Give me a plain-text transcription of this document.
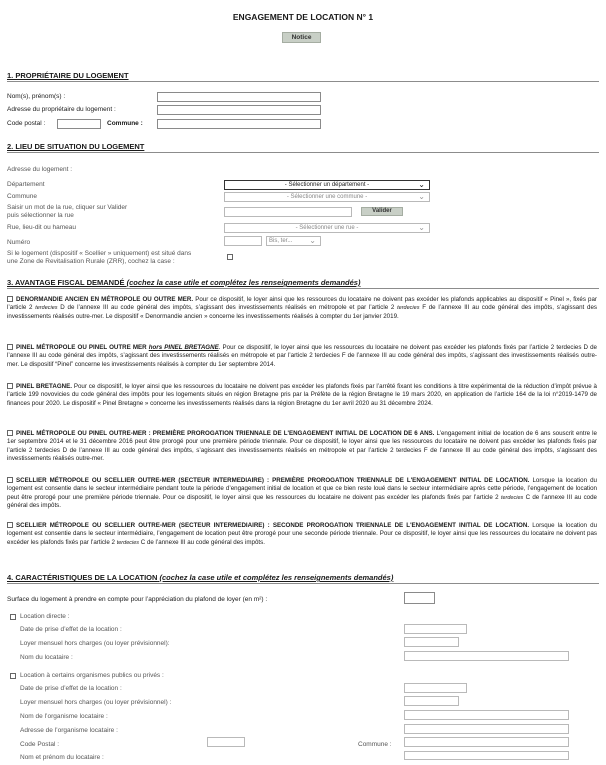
ENGAGEMENT DE LOCATION N° 1
Notice
1. PROPRIÉTAIRE DU LOGEMENT
Nom(s), prénom(s) :
Adresse du propriétaire du logement :
Code postal :	Commune :
2. LIEU DE SITUATION DU LOGEMENT
Adresse du logement :
Département	- Sélectionner un département -	⌄
Commune	- Sélectionner une commune -	⌄
Saisir un mot de la rue, cliquer sur Valider
puis sélectionner la rue
Valider
Rue, lieu-dit ou hameau	- Sélectionner une rue -	⌄
Numéro	Bis, ter... ⌄
Si le logement (dispositif « Scellier » uniquement) est situé dans
une Zone de Revitalisation Rurale (ZRR), cochez la case :
3. AVANTAGE FISCAL DEMANDÉ (cochez la case utile et complétez les renseignements demandés)
DENORMANDIE ANCIEN EN MÉTROPOLE OU OUTRE MER. Pour ce dispositif, le loyer ainsi que les ressources du locataire ne doivent pas excéder les plafonds applicables au dispositif « Pinel », fixés par l’article 2 terdecies D de l’annexe III au code général des impôts, s’agissant des investissements réalisés en métropole et par l’article 2 terdecies F de l’annexe III au code général des impôts, s’agissant des investissements réalisés outre-mer. Le dispositif « Denormandie ancien » concerne les investissements réalisés à compter du 1er janvier 2019.
PINEL MÉTROPOLE OU PINEL OUTRE MER hors PINEL BRETAGNE. Pour ce dispositif, le loyer ainsi que les ressources du locataire ne doivent pas excéder les plafonds fixés par l’article 2 terdecies D de l’annexe III au code général des impôts, s’agissant des investissements réalisés en métropole et par l’article 2 terdecies F de l’annexe III au code général des impôts, s’agissant des investissements réalisés outre-mer. Le dispositif “Pinel” concerne les investissements réalisés à compter du 1er septembre 2014.
PINEL BRETAGNE. Pour ce dispositif, le loyer ainsi que les ressources du locataire ne doivent pas excéder les plafonds fixés par l’arrêté fixant les conditions à titre expérimental de la réduction d’impôt prévue à l’article 199 novovicies du code général des impôts pour les logements situés en région Bretagne pris par la Préfète de la région Bretagne le 19 mars 2020, en application de l’article 164 de la loi n°2019-1479 de finances pour 2020. Le dispositif « Pinel Bretagne » concerne les investissements réalisés dans la région Bretagne du 1er avril 2020 au 31 décembre 2024.
PINEL MÉTROPOLE OU PINEL OUTRE-MER : PREMIÈRE PROROGATION TRIENNALE DE L'ENGAGEMENT INITIAL DE LOCATION DE 6 ANS. L’engagement initial de location de 6 ans souscrit entre le 1er septembre 2014 et le 31 décembre 2016 peut être prorogé pour une première période triennale. Pour ce dispositif, le loyer ainsi que les ressources du locataire ne doivent pas excéder les plafonds fixés par l’article 2 terdecies D de l’annexe III au code général des impôts, s’agissant des investissements réalisés en métropole et par l’article 2 terdecies F de l’annexe III au code général des impôts, s’agissant des investissements réalisés outre-mer.
SCELLIER MÉTROPOLE OU SCELLIER OUTRE-MER (SECTEUR INTERMEDIAIRE) : PREMIÈRE PROROGATION TRIENNALE DE L'ENGAGEMENT INITIAL DE LOCATION. Lorsque la location du logement est consentie dans le secteur intermédiaire pendant toute la période d’engagement initial de location et que ce bien reste loué dans le secteur intermédiaire après cette période, l’engagement de location peut être prorogé pour une première période triennale. Pour ce dispositif, le loyer ainsi que les ressources du locataire ne doivent pas excéder les plafonds fixés par l’article 2 terdecies C de l’annexe III au code général des impôts.
SCELLIER MÉTROPOLE OU SCELLIER OUTRE-MER (SECTEUR INTERMEDIAIRE) : SECONDE PROROGATION TRIENNALE DE L'ENGAGEMENT INITIAL DE LOCATION. Lorsque la location du logement est consentie dans le secteur intermédiaire, l’engagement de location peut être prorogé pour une seconde période triennale. Pour ce dispositif, le loyer ainsi que les ressources du locataire ne doivent pas excéder les plafonds fixés par l’article 2 terdecies C de l’annexe III au code général des impôts.
4. CARACTÉRISTIQUES DE LA LOCATION (cochez la case utile et complétez les renseignements demandés)
Surface du logement à prendre en compte pour l’appréciation du plafond de loyer (en m²) :
Location directe :
Date de prise d’effet de la location :
Loyer mensuel hors charges (ou loyer prévisionnel):
Nom du locataire :
Location à certains organismes publics ou privés :
Date de prise d’effet de la location :
Loyer mensuel hors charges (ou loyer prévisionnel) :
Nom de l’organisme locataire :
Adresse de l’organisme locataire :
Code Postal :	Commune :
Nom et prénom du locataire :
